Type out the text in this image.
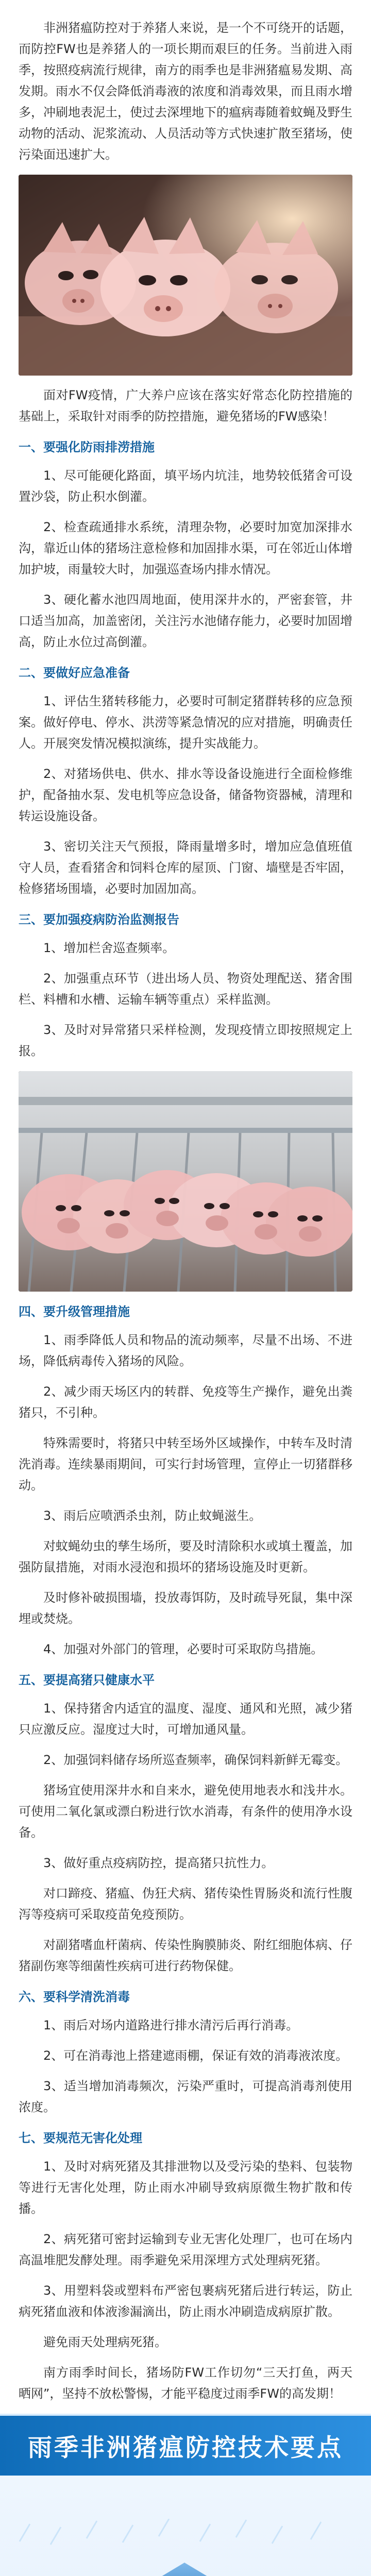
非洲猪瘟防控对于养猪人来说，是一个不可绕开的话题，而防控FW也是养猪人的一项长期而艰巨的任务。当前进入雨季，按照疫病流行规律，南方的雨季也是非洲猪瘟易发期、高发期。雨水不仅会降低消毒液的浓度和消毒效果，而且雨水增多，冲刷地表泥土，使过去深埋地下的瘟病毒随着蚊蝇及野生动物的活动、泥浆流动、人员活动等方式快速扩散至猪场，使污染面迅速扩大。

面对FW疫情，广大养户应该在落实好常态化防控措施的基础上，采取针对雨季的防控措施，避免猪场的FW感染！

一、要强化防雨排涝措施

1、尽可能硬化路面，填平场内坑洼，地势较低猪舍可设置沙袋，防止积水倒灌。

2、检查疏通排水系统，清理杂物，必要时加宽加深排水沟，靠近山体的猪场注意检修和加固排水渠，可在邻近山体增加护坡，雨量较大时，加强巡查场内排水情况。

3、硬化蓄水池四周地面，使用深井水的，严密套管，井口适当加高，加盖密闭，关注污水池储存能力，必要时加固增高，防止水位过高倒灌。

二、要做好应急准备

1、评估生猪转移能力，必要时可制定猪群转移的应急预案。做好停电、停水、洪涝等紧急情况的应对措施，明确责任人。开展突发情况模拟演练，提升实战能力。

2、对猪场供电、供水、排水等设备设施进行全面检修维护，配备抽水泵、发电机等应急设备，储备物资器械，清理和转运设施设备。

3、密切关注天气预报，降雨量增多时，增加应急值班值守人员，查看猪舍和饲料仓库的屋顶、门窗、墙壁是否牢固，检修猪场围墙，必要时加固加高。

三、要加强疫病防治监测报告

1、增加栏舍巡查频率。

2、加强重点环节（进出场人员、物资处理配送、猪舍围栏、料槽和水槽、运输车辆等重点）采样监测。

3、及时对异常猪只采样检测，发现疫情立即按照规定上报。

四、要升级管理措施

1、雨季降低人员和物品的流动频率，尽量不出场、不进场，降低病毒传入猪场的风险。

2、减少雨天场区内的转群、免疫等生产操作，避免出粪猪只，不引种。

特殊需要时，将猪只中转至场外区域操作，中转车及时清洗消毒。连续暴雨期间，可实行封场管理，宣停止一切猪群移动。

3、雨后应喷洒杀虫剂，防止蚊蝇滋生。

对蚊蝇幼虫的孳生场所，要及时清除积水或填土覆盖，加强防鼠措施，对雨水浸泡和损坏的猪场设施及时更新。

及时修补破损围墙，投放毒饵防，及时疏导死鼠，集中深埋或焚烧。

4、加强对外部门的管理，必要时可采取防鸟措施。

五、要提高猪只健康水平

1、保持猪舍内适宜的温度、湿度、通风和光照，减少猪只应激反应。湿度过大时，可增加通风量。

2、加强饲料储存场所巡查频率，确保饲料新鲜无霉变。

猪场宜使用深井水和自来水，避免使用地表水和浅井水。可使用二氧化氯或漂白粉进行饮水消毒，有条件的使用净水设备。

3、做好重点疫病防控，提高猪只抗性力。

对口蹄疫、猪瘟、伪狂犬病、猪传染性胃肠炎和流行性腹泻等疫病可采取疫苗免疫预防。

对副猪嗜血杆菌病、传染性胸膜肺炎、附红细胞体病、仔猪副伤寒等细菌性疾病可进行药物保健。

六、要科学清洗消毒

1、雨后对场内道路进行排水清污后再行消毒。

2、可在消毒池上搭建遮雨棚，保证有效的消毒液浓度。

3、适当增加消毒频次，污染严重时，可提高消毒剂使用浓度。

七、要规范无害化处理

1、及时对病死猪及其排泄物以及受污染的垫料、包装物等进行无害化处理，防止雨水冲刷导致病原微生物扩散和传播。

2、病死猪可密封运输到专业无害化处理厂，也可在场内高温堆肥发酵处理。雨季避免采用深埋方式处理病死猪。

3、用塑料袋或塑料布严密包裹病死猪后进行转运，防止病死猪血液和体液渗漏滴出，防止雨水冲刷造成病原扩散。

避免雨天处理病死猪。

南方雨季时间长，猪场防FW工作切勿“三天打鱼，两天晒网”，坚持不放松警惕，才能平稳度过雨季FW的高发期！

雨季非洲猪瘟防控技术要点
